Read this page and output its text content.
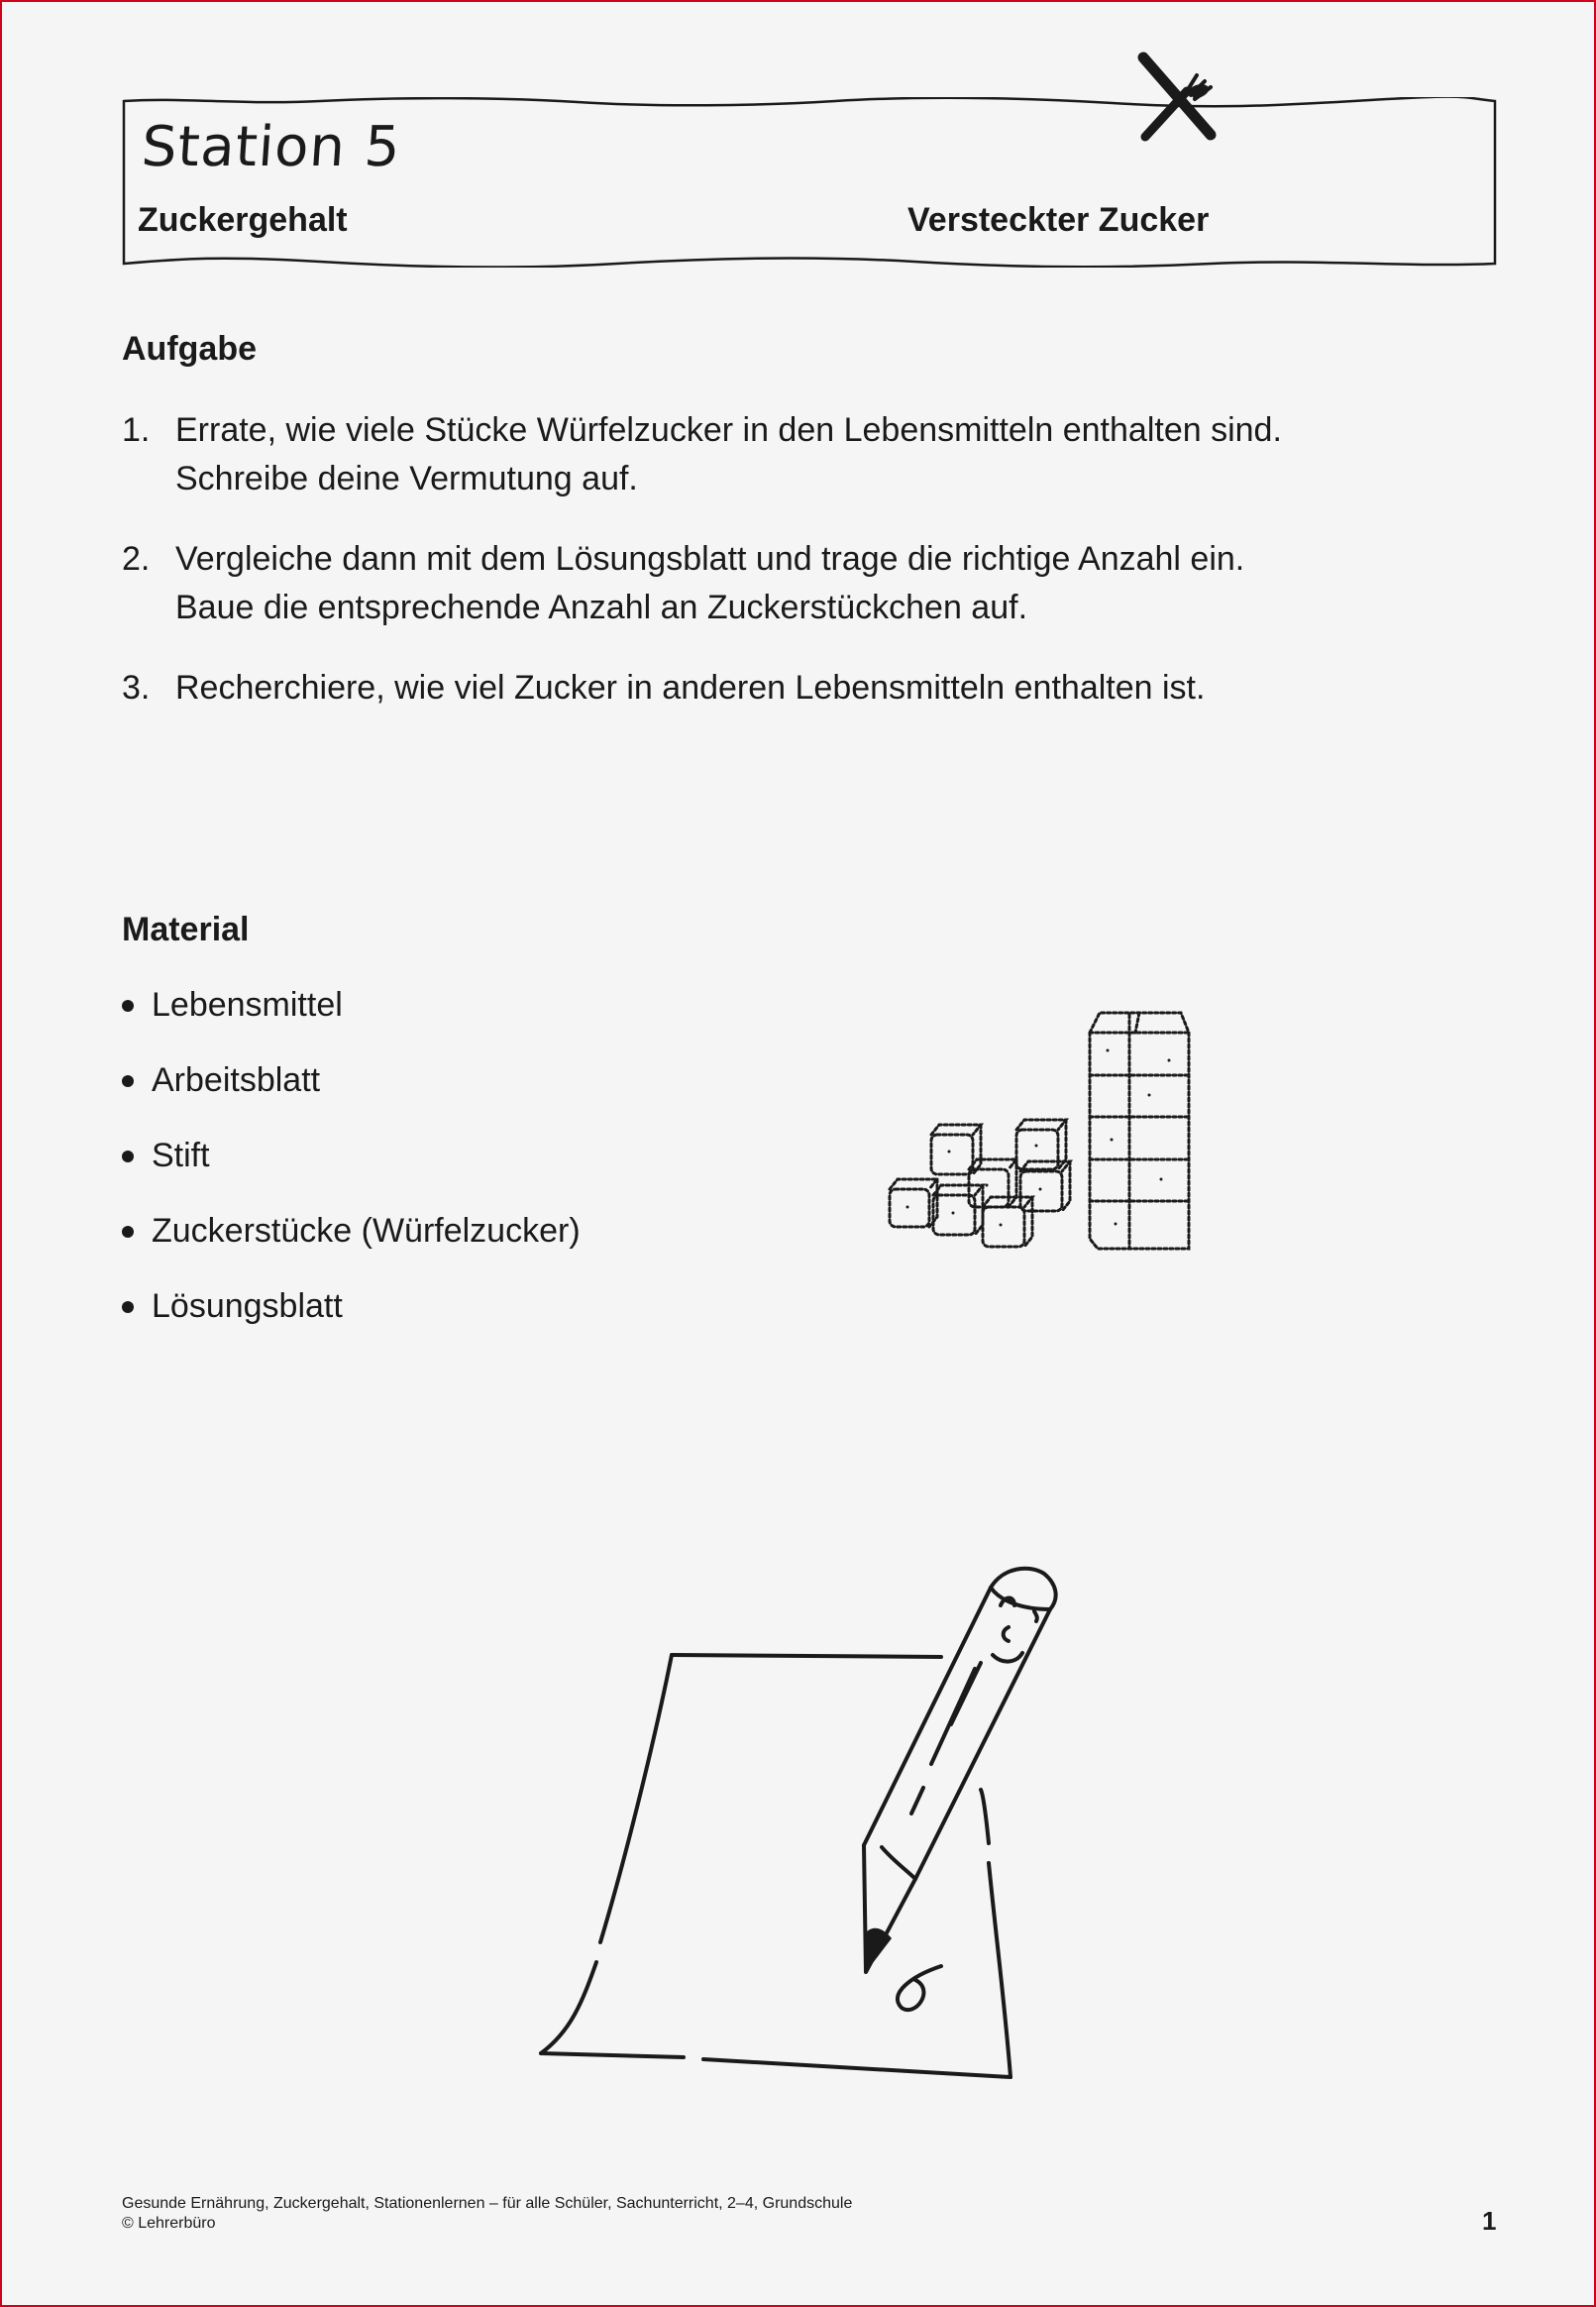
Station 5
Zuckergehalt	Versteckter Zucker
Aufgabe
1. Errate, wie viele Stücke Würfelzucker in den Lebensmitteln enthalten sind.
Schreibe deine Vermutung auf.
2. Vergleiche dann mit dem Lösungsblatt und trage die richtige Anzahl ein.
Baue die entsprechende Anzahl an Zuckerstückchen auf.
3. Recherchiere, wie viel Zucker in anderen Lebensmitteln enthalten ist.
Material
Lebensmittel
Arbeitsblatt
Stift
Zuckerstücke (Würfelzucker)
Lösungsblatt
Gesunde Ernährung, Zuckergehalt, Stationenlernen – für alle Schüler, Sachunterricht, 2–4, Grundschule
© Lehrerbüro	1
